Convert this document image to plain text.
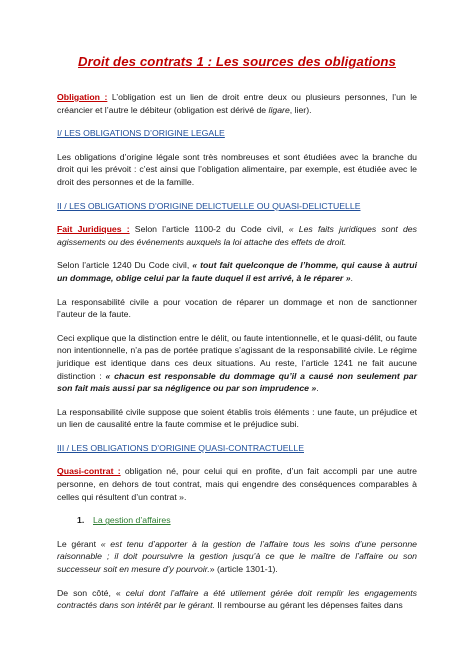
Droit des contrats 1 : Les sources des obligations

Obligation : L’obligation est un lien de droit entre deux ou plusieurs personnes, l’un le créancier et l’autre le débiteur (obligation est dérivé de ligare, lier).

I/ LES OBLIGATIONS D’ORIGINE LEGALE

Les obligations d’origine légale sont très nombreuses et sont étudiées avec la branche du droit qui les prévoit : c’est ainsi que l’obligation alimentaire, par exemple, est étudiée avec le droit des personnes et de la famille.

II / LES OBLIGATIONS D’ORIGINE DELICTUELLE OU QUASI-DELICTUELLE

Fait Juridiques : Selon l’article 1100-2 du Code civil, « Les faits juridiques sont des agissements ou des événements auxquels la loi attache des effets de droit.

Selon l’article 1240 Du Code civil, « tout fait quelconque de l’homme, qui cause à autrui un dommage, oblige celui par la faute duquel il est arrivé, à le réparer ».

La responsabilité civile a pour vocation de réparer un dommage et non de sanctionner l’auteur de la faute.

Ceci explique que la distinction entre le délit, ou faute intentionnelle, et le quasi-délit, ou faute non intentionnelle, n’a pas de portée pratique s’agissant de la responsabilité civile. Le régime juridique est identique dans ces deux situations. Au reste, l’article 1241 ne fait aucune distinction : « chacun est responsable du dommage qu’il a causé non seulement par son fait mais aussi par sa négligence ou par son imprudence ».

La responsabilité civile suppose que soient établis trois éléments : une faute, un préjudice et un lien de causalité entre la faute commise et le préjudice subi.

III / LES OBLIGATIONS D’ORIGINE QUASI-CONTRACTUELLE

Quasi-contrat : obligation né, pour celui qui en profite, d’un fait accompli par une autre personne, en dehors de tout contrat, mais qui engendre des conséquences comparables à celles qui résultent d’un contrat ».

1. La gestion d’affaires

Le gérant « est tenu d’apporter à la gestion de l’affaire tous les soins d’une personne raisonnable ; il doit poursuivre la gestion jusqu’à ce que le maître de l’affaire ou son successeur soit en mesure d’y pourvoir.» (article 1301-1).

De son côté, « celui dont l’affaire a été utilement gérée doit remplir les engagements contractés dans son intérêt par le gérant. Il rembourse au gérant les dépenses faites dans
